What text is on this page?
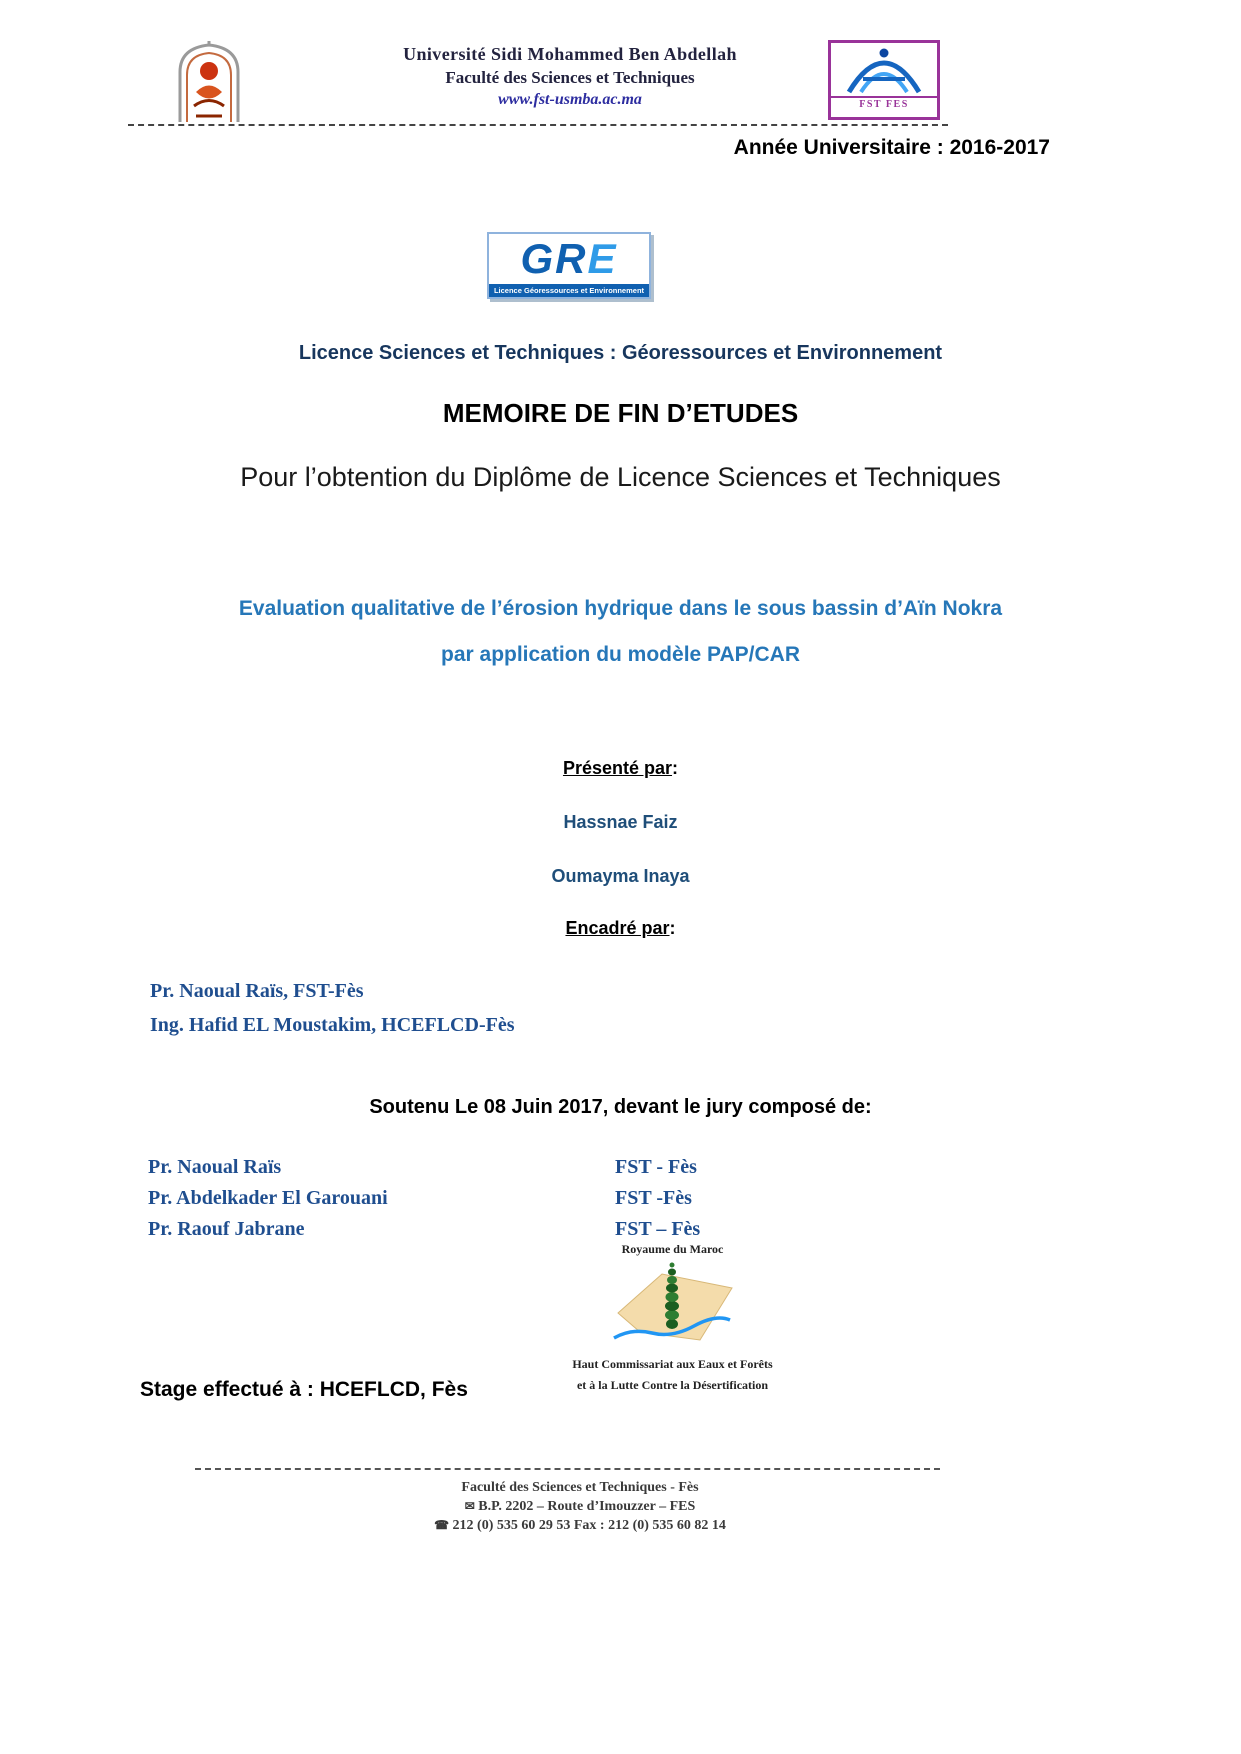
Université Sidi Mohammed Ben Abdellah
Faculté des Sciences et Techniques
www.fst-usmba.ac.ma	FST FES
Année Universitaire : 2016-2017
GRE
Licence Géoressources et Environnement
Licence Sciences et Techniques : Géoressources et Environnement
MEMOIRE DE FIN D’ETUDES
Pour l’obtention du Diplôme de Licence Sciences et Techniques
Evaluation qualitative de l’érosion hydrique dans le sous bassin d’Aïn Nokra
par application du modèle PAP/CAR
Présenté par:
Hassnae Faiz
Oumayma Inaya
Encadré par:
Pr. Naoual Raïs, FST-Fès
Ing. Hafid EL Moustakim, HCEFLCD-Fès
Soutenu Le 08 Juin 2017, devant le jury composé de:
Pr. Naoual Raïs	FST - Fès
Pr. Abdelkader El Garouani	FST -Fès
Pr. Raouf Jabrane	FST – Fès
Royaume du Maroc
Haut Commissariat aux Eaux et Forêts
et à la Lutte Contre la Désertification
Stage effectué à : HCEFLCD, Fès
Faculté des Sciences et Techniques - Fès
✉ B.P. 2202 – Route d’Imouzzer – FES
☎ 212 (0) 535 60 29 53 Fax : 212 (0) 535 60 82 14
